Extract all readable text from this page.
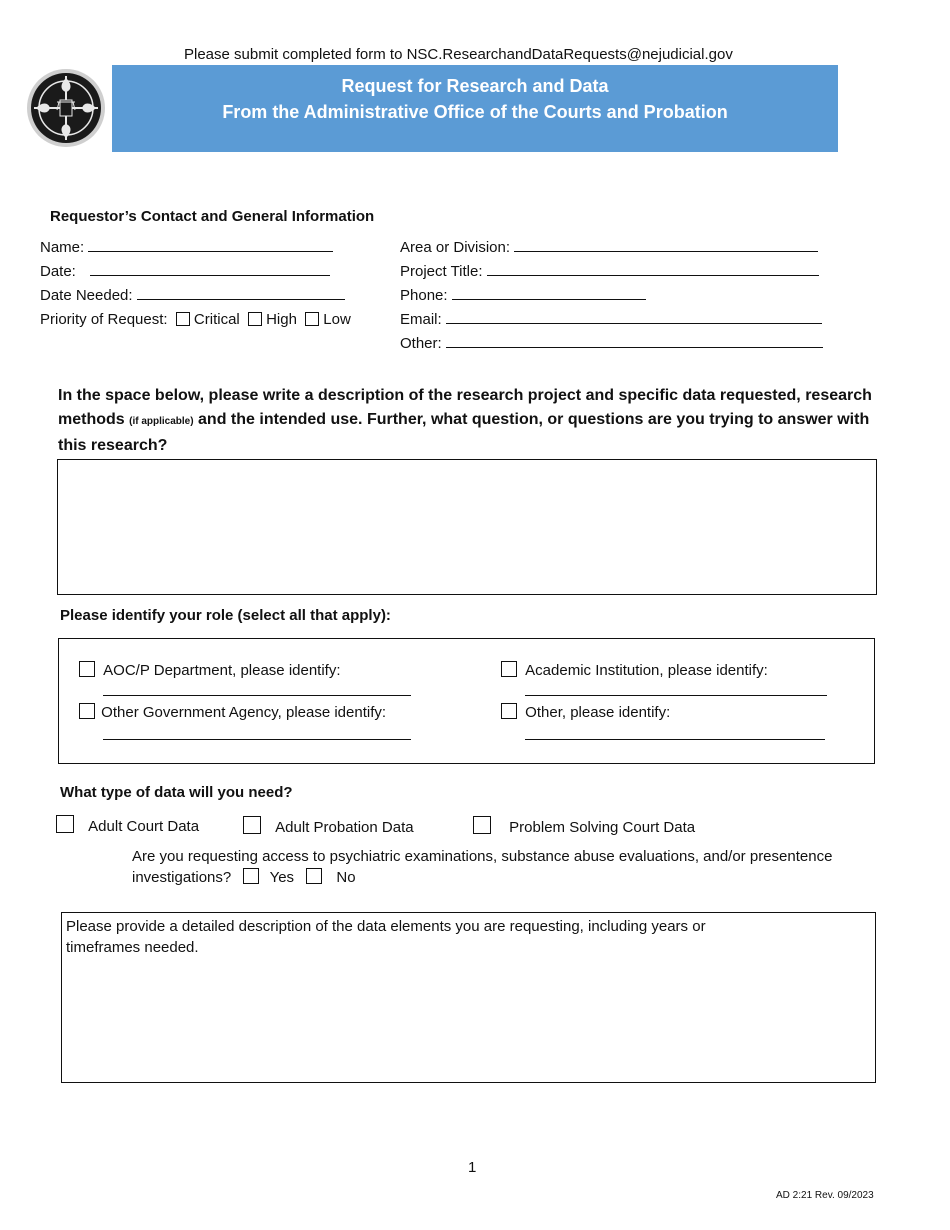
Please submit completed form to NSC.ResearchandDataRequests@nejudicial.gov
Request for Research and Data
From the Administrative Office of the Courts and Probation
Requestor’s Contact and General Information
Name:
Date:
Date Needed:
Priority of Request: Critical High Low
Area or Division:
Project Title:
Phone:
Email:
Other:
In the space below, please write a description of the research project and specific data requested, research methods (if applicable) and the intended use. Further, what question, or questions are you trying to answer with this research?
Please identify your role (select all that apply):
AOC/P Department, please identify:
Other Government Agency, please identify:
Academic Institution, please identify:
Other, please identify:
What type of data will you need?
Adult Court Data	Adult Probation Data	Problem Solving Court Data
Are you requesting access to psychiatric examinations, substance abuse evaluations, and/or presentence
investigations?	Yes	No
Please provide a detailed description of the data elements you are requesting, including years or
timeframes needed.
1
AD 2:21 Rev. 09/2023
